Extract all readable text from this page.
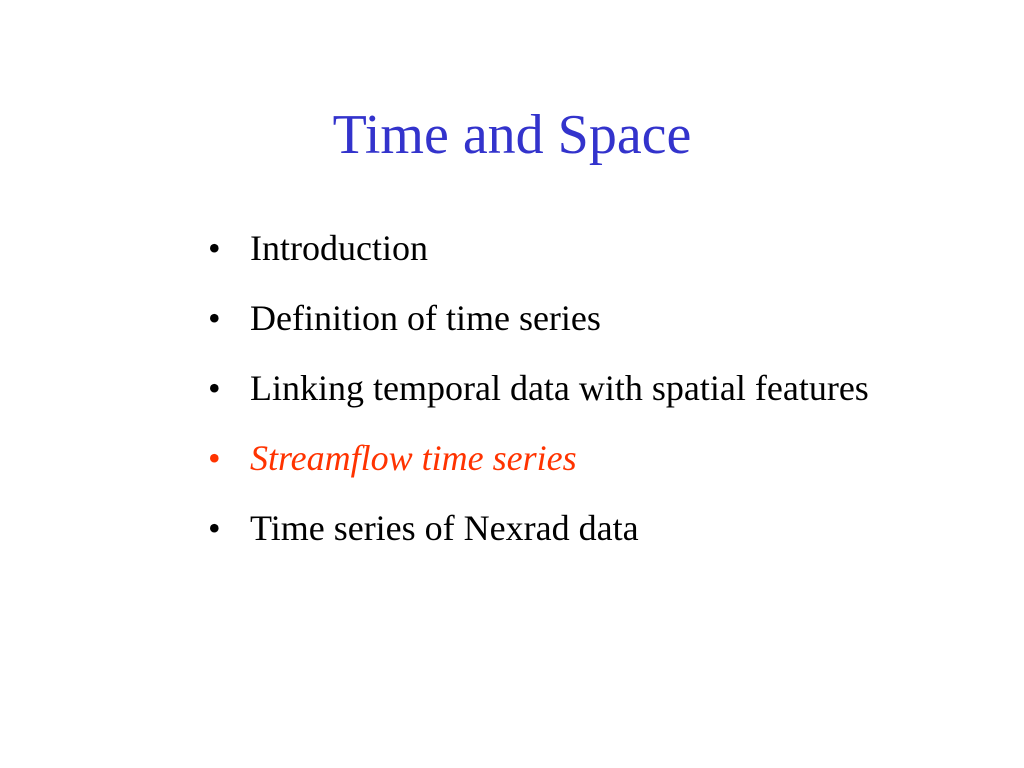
Time and Space
• Introduction
• Definition of time series
• Linking temporal data with spatial features
• Streamflow time series
• Time series of Nexrad data
